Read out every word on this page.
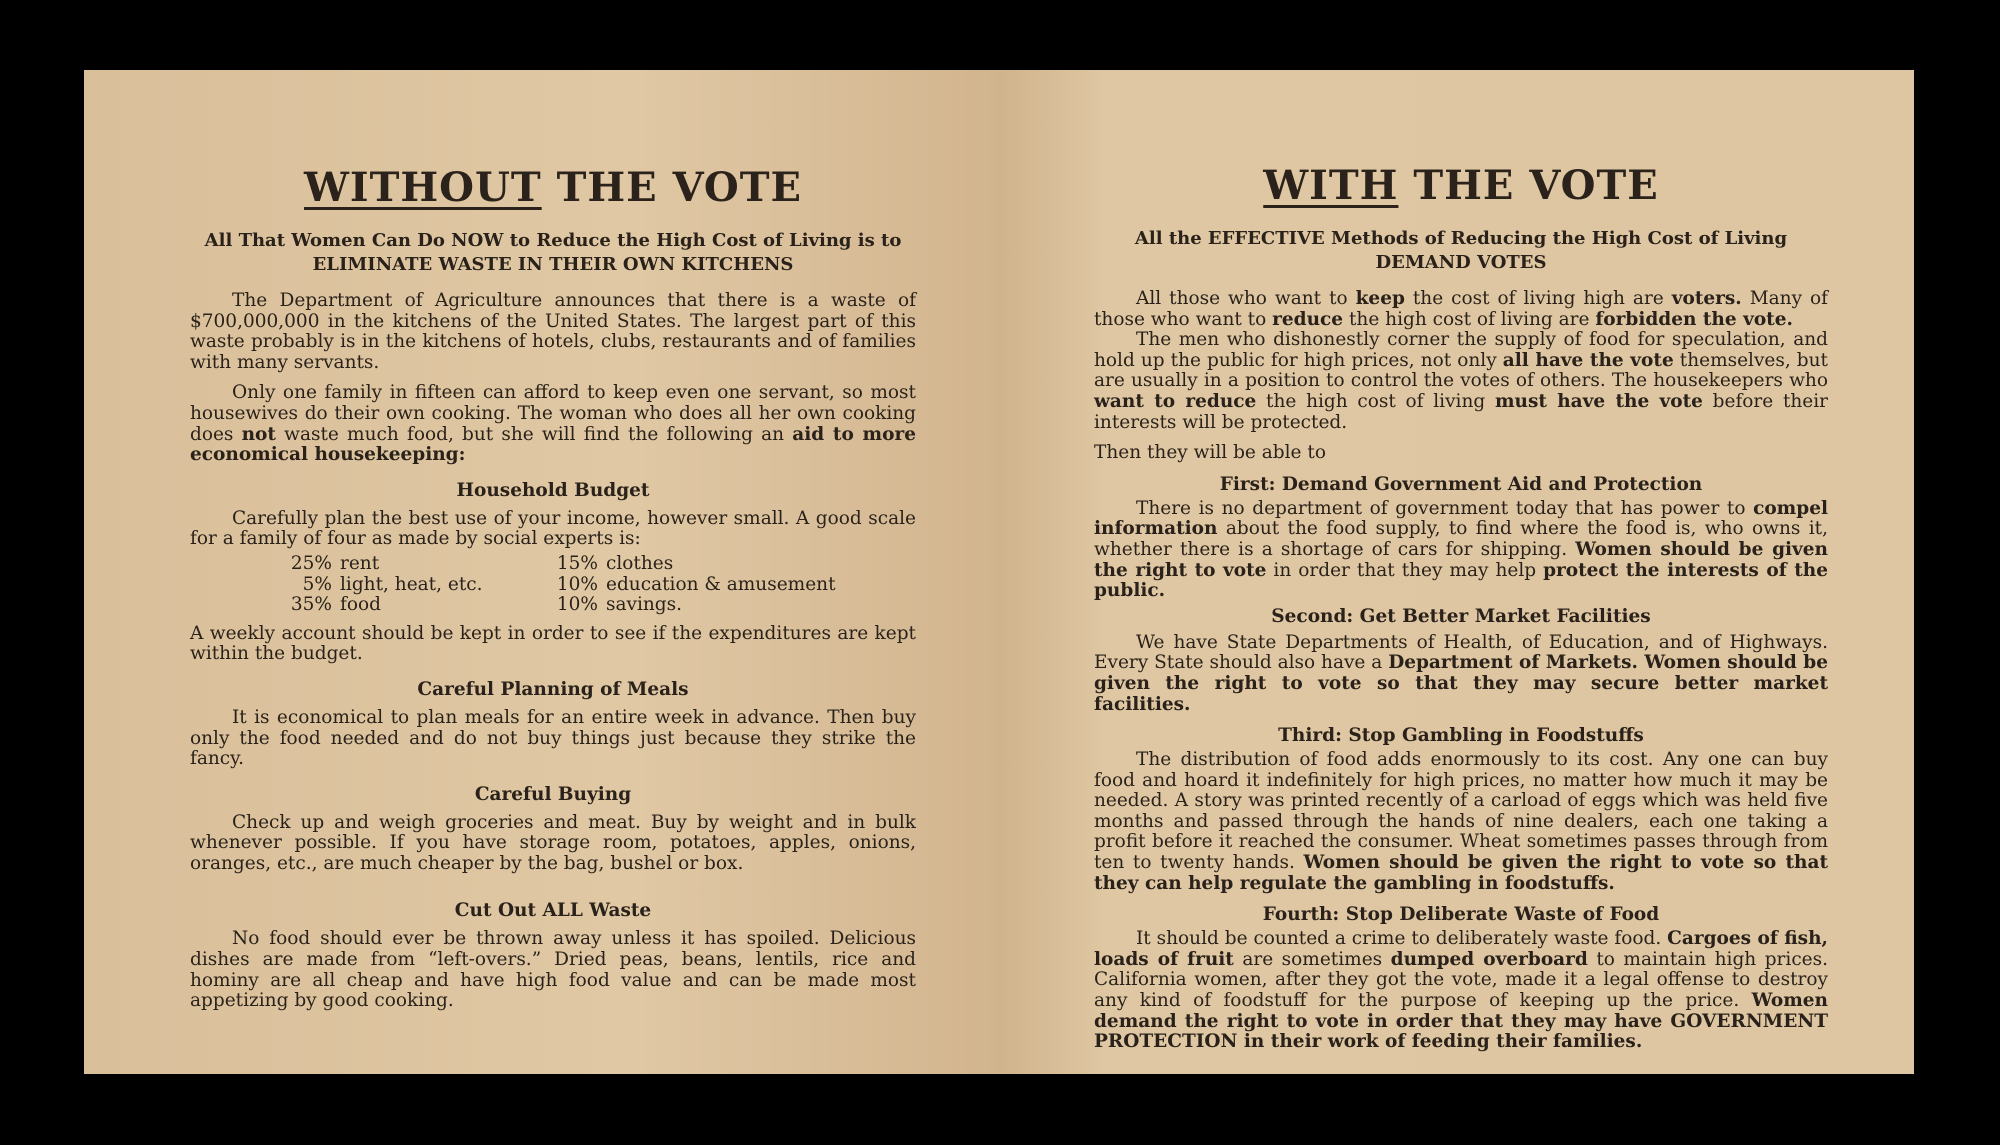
WITHOUT THE VOTE
All That Women Can Do NOW to Reduce the High Cost of Living is to
ELIMINATE WASTE IN THEIR OWN KITCHENS

The Department of Agriculture announces that there is a waste of $700,000,000 in the kitchens of the United States. The largest part of this waste probably is in the kitchens of hotels, clubs, restaurants and of families with many servants.

Only one family in fifteen can afford to keep even one servant, so most housewives do their own cooking. The woman who does all her own cooking does not waste much food, but she will find the following an aid to more economical housekeeping:

Household Budget

Carefully plan the best use of your income, however small. A good scale for a family of four as made by social experts is:

25%	rent	15%	clothes
5%	light, heat, etc.	10%	education & amusement
35%	food	10%	savings.

A weekly account should be kept in order to see if the expenditures are kept within the budget.

Careful Planning of Meals

It is economical to plan meals for an entire week in advance. Then buy only the food needed and do not buy things just because they strike the fancy.

Careful Buying

Check up and weigh groceries and meat. Buy by weight and in bulk whenever possible. If you have storage room, potatoes, apples, onions, oranges, etc., are much cheaper by the bag, bushel or box.

Cut Out ALL Waste

No food should ever be thrown away unless it has spoiled. Delicious dishes are made from “left-overs.” Dried peas, beans, lentils, rice and hominy are all cheap and have high food value and can be made most appetizing by good cooking.

WITH THE VOTE
All the EFFECTIVE Methods of Reducing the High Cost of Living
DEMAND VOTES

All those who want to keep the cost of living high are voters. Many of those who want to reduce the high cost of living are forbidden the vote.

The men who dishonestly corner the supply of food for speculation, and hold up the public for high prices, not only all have the vote themselves, but are usually in a position to control the votes of others. The housekeepers who want to reduce the high cost of living must have the vote before their interests will be protected.

Then they will be able to

First: Demand Government Aid and Protection

There is no department of government today that has power to compel information about the food supply, to find where the food is, who owns it, whether there is a shortage of cars for shipping. Women should be given the right to vote in order that they may help protect the interests of the public.

Second: Get Better Market Facilities

We have State Departments of Health, of Education, and of Highways. Every State should also have a Department of Markets. Women should be given the right to vote so that they may secure better market facilities.

Third: Stop Gambling in Foodstuffs

The distribution of food adds enormously to its cost. Any one can buy food and hoard it indefinitely for high prices, no matter how much it may be needed. A story was printed recently of a carload of eggs which was held five months and passed through the hands of nine dealers, each one taking a profit before it reached the consumer. Wheat sometimes passes through from ten to twenty hands. Women should be given the right to vote so that they can help regulate the gambling in foodstuffs.

Fourth: Stop Deliberate Waste of Food

It should be counted a crime to deliberately waste food. Cargoes of fish, loads of fruit are sometimes dumped overboard to maintain high prices. California women, after they got the vote, made it a legal offense to destroy any kind of foodstuff for the purpose of keeping up the price. Women demand the right to vote in order that they may have GOVERNMENT PROTECTION in their work of feeding their families.
